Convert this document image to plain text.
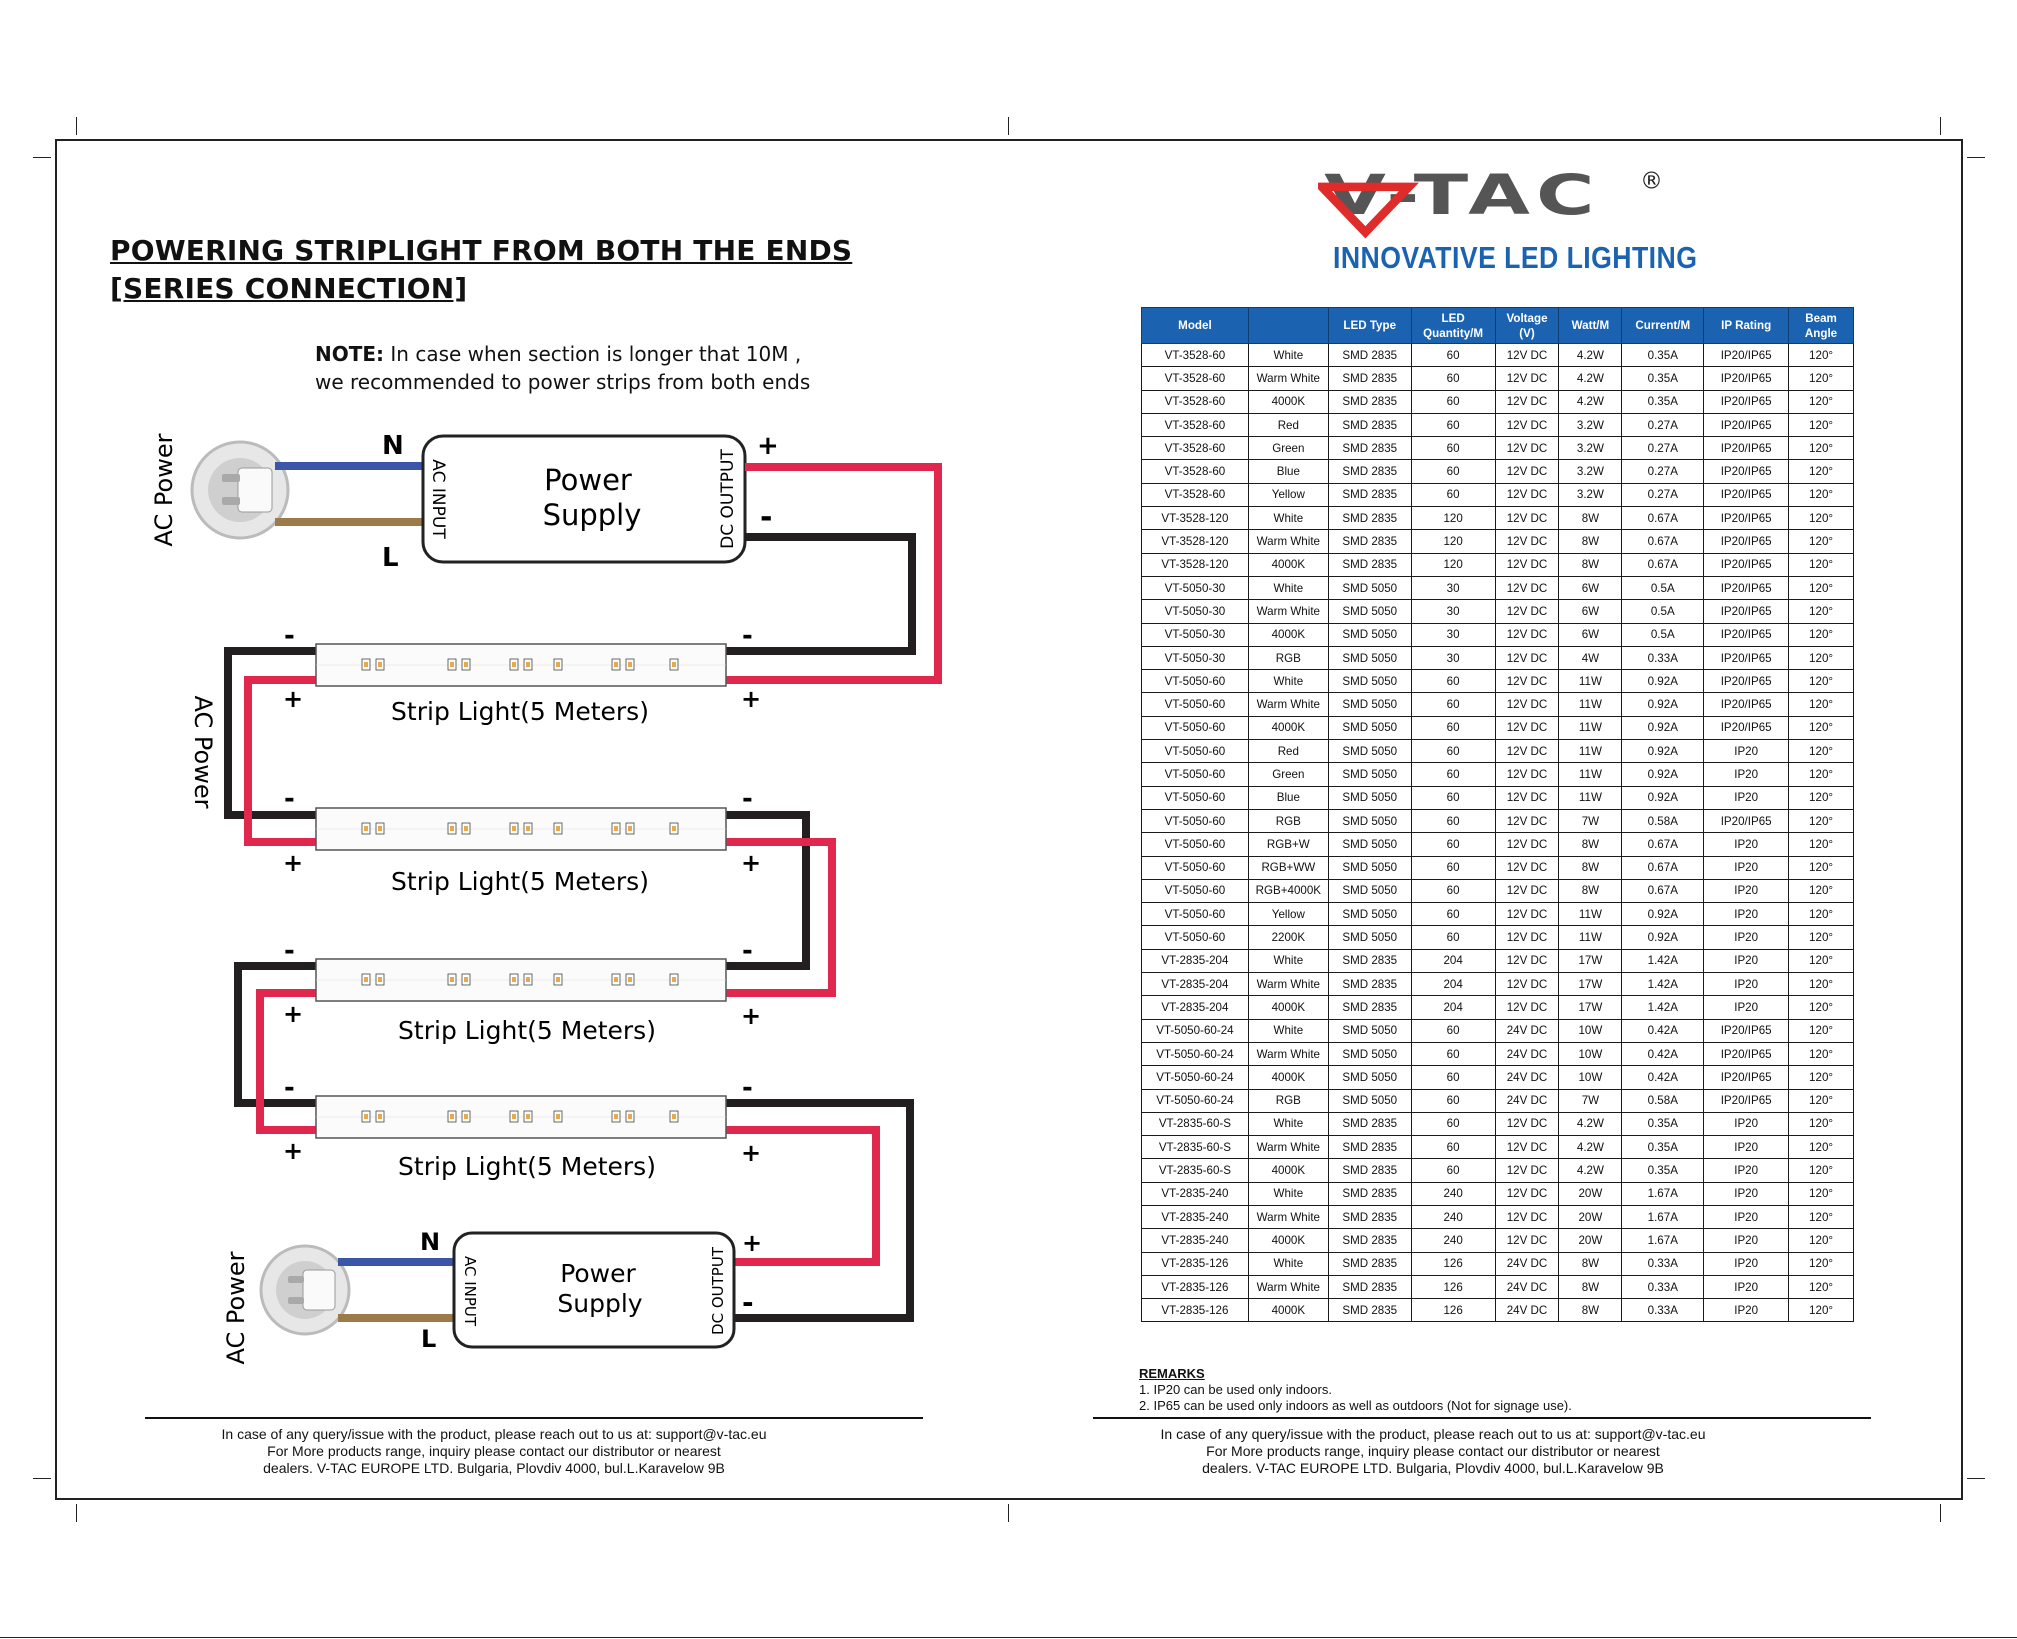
POWERING STRIPLIGHT FROM BOTH THE ENDS
[SERIES CONNECTION]
NOTE: In case when section is longer that 10M ,
we recommended to power strips from both ends
AC Power	N
L
AC INPUT	DC OUTPUT
Power
Supply
+
-
AC Power	Strip Light(5 Meters)
Strip Light(5 Meters)
Strip Light(5 Meters)
Strip Light(5 Meters)
-
+
-
+
-
+
-
+
-
+
-
+
-
+
-
+
AC Power
N
L
AC INPUT	DC OUTPUT
Power
Supply
+
-
V-TAC ®
INNOVATIVE LED LIGHTING
Model		LED Type	LED Quantity/M	Voltage (V)	Watt/M	Current/M	IP Rating	Beam Angle
VT-3528-60	White	SMD 2835	60	12V DC	4.2W	0.35A	IP20/IP65	120°
VT-3528-60	Warm White	SMD 2835	60	12V DC	4.2W	0.35A	IP20/IP65	120°
VT-3528-60	4000K	SMD 2835	60	12V DC	4.2W	0.35A	IP20/IP65	120°
VT-3528-60	Red	SMD 2835	60	12V DC	3.2W	0.27A	IP20/IP65	120°
VT-3528-60	Green	SMD 2835	60	12V DC	3.2W	0.27A	IP20/IP65	120°
VT-3528-60	Blue	SMD 2835	60	12V DC	3.2W	0.27A	IP20/IP65	120°
VT-3528-60	Yellow	SMD 2835	60	12V DC	3.2W	0.27A	IP20/IP65	120°
VT-3528-120	White	SMD 2835	120	12V DC	8W	0.67A	IP20/IP65	120°
VT-3528-120	Warm White	SMD 2835	120	12V DC	8W	0.67A	IP20/IP65	120°
VT-3528-120	4000K	SMD 2835	120	12V DC	8W	0.67A	IP20/IP65	120°
VT-5050-30	White	SMD 5050	30	12V DC	6W	0.5A	IP20/IP65	120°
VT-5050-30	Warm White	SMD 5050	30	12V DC	6W	0.5A	IP20/IP65	120°
VT-5050-30	4000K	SMD 5050	30	12V DC	6W	0.5A	IP20/IP65	120°
VT-5050-30	RGB	SMD 5050	30	12V DC	4W	0.33A	IP20/IP65	120°
VT-5050-60	White	SMD 5050	60	12V DC	11W	0.92A	IP20/IP65	120°
VT-5050-60	Warm White	SMD 5050	60	12V DC	11W	0.92A	IP20/IP65	120°
VT-5050-60	4000K	SMD 5050	60	12V DC	11W	0.92A	IP20/IP65	120°
VT-5050-60	Red	SMD 5050	60	12V DC	11W	0.92A	IP20	120°
VT-5050-60	Green	SMD 5050	60	12V DC	11W	0.92A	IP20	120°
VT-5050-60	Blue	SMD 5050	60	12V DC	11W	0.92A	IP20	120°
VT-5050-60	RGB	SMD 5050	60	12V DC	7W	0.58A	IP20/IP65	120°
VT-5050-60	RGB+W	SMD 5050	60	12V DC	8W	0.67A	IP20	120°
VT-5050-60	RGB+WW	SMD 5050	60	12V DC	8W	0.67A	IP20	120°
VT-5050-60	RGB+4000K	SMD 5050	60	12V DC	8W	0.67A	IP20	120°
VT-5050-60	Yellow	SMD 5050	60	12V DC	11W	0.92A	IP20	120°
VT-5050-60	2200K	SMD 5050	60	12V DC	11W	0.92A	IP20	120°
VT-2835-204	White	SMD 2835	204	12V DC	17W	1.42A	IP20	120°
VT-2835-204	Warm White	SMD 2835	204	12V DC	17W	1.42A	IP20	120°
VT-2835-204	4000K	SMD 2835	204	12V DC	17W	1.42A	IP20	120°
VT-5050-60-24	White	SMD 5050	60	24V DC	10W	0.42A	IP20/IP65	120°
VT-5050-60-24	Warm White	SMD 5050	60	24V DC	10W	0.42A	IP20/IP65	120°
VT-5050-60-24	4000K	SMD 5050	60	24V DC	10W	0.42A	IP20/IP65	120°
VT-5050-60-24	RGB	SMD 5050	60	24V DC	7W	0.58A	IP20/IP65	120°
VT-2835-60-S	White	SMD 2835	60	12V DC	4.2W	0.35A	IP20	120°
VT-2835-60-S	Warm White	SMD 2835	60	12V DC	4.2W	0.35A	IP20	120°
VT-2835-60-S	4000K	SMD 2835	60	12V DC	4.2W	0.35A	IP20	120°
VT-2835-240	White	SMD 2835	240	12V DC	20W	1.67A	IP20	120°
VT-2835-240	Warm White	SMD 2835	240	12V DC	20W	1.67A	IP20	120°
VT-2835-240	4000K	SMD 2835	240	12V DC	20W	1.67A	IP20	120°
VT-2835-126	White	SMD 2835	126	24V DC	8W	0.33A	IP20	120°
VT-2835-126	Warm White	SMD 2835	126	24V DC	8W	0.33A	IP20	120°
VT-2835-126	4000K	SMD 2835	126	24V DC	8W	0.33A	IP20	120°
REMARKS
1. IP20 can be used only indoors.
2. IP65 can be used only indoors as well as outdoors (Not for signage use).
In case of any query/issue with the product, please reach out to us at: support@v-tac.eu
For More products range, inquiry please contact our distributor or nearest
dealers. V-TAC EUROPE LTD. Bulgaria, Plovdiv 4000, bul.L.Karavelow 9B
In case of any query/issue with the product, please reach out to us at: support@v-tac.eu
For More products range, inquiry please contact our distributor or nearest
dealers. V-TAC EUROPE LTD. Bulgaria, Plovdiv 4000, bul.L.Karavelow 9B
